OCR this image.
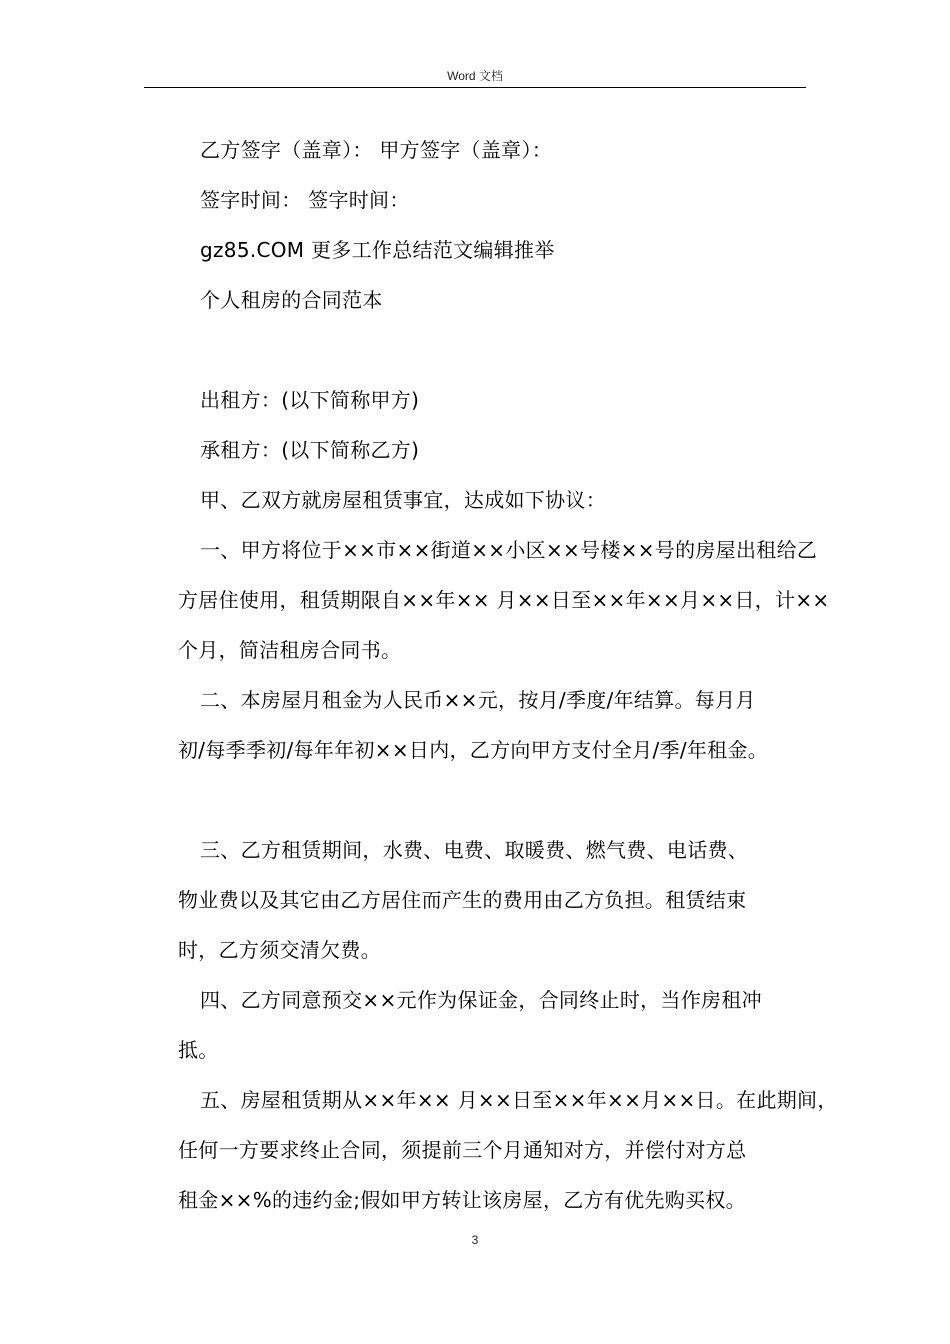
Word 文档
乙方签字（盖章）： 甲方签字（盖章）：
签字时间： 签字时间：
gz85.COM 更多工作总结范文编辑推举
个人租房的合同范本
出租方：(以下简称甲方)
承租方：(以下简称乙方)
甲、乙双方就房屋租赁事宜，达成如下协议：
一、甲方将位于××市××街道××小区××号楼××号的房屋出租给乙
方居住使用，租赁期限自××年×× 月××日至××年××月××日，计××
个月，简洁租房合同书。
二、本房屋月租金为人民币××元，按月/季度/年结算。每月月
初/每季季初/每年年初××日内，乙方向甲方支付全月/季/年租金。
三、乙方租赁期间，水费、电费、取暖费、燃气费、电话费、
物业费以及其它由乙方居住而产生的费用由乙方负担。租赁结束
时，乙方须交清欠费。
四、乙方同意预交××元作为保证金，合同终止时，当作房租冲
抵。
五、房屋租赁期从××年×× 月××日至××年××月××日。在此期间，
任何一方要求终止合同，须提前三个月通知对方，并偿付对方总
租金××%的违约金;假如甲方转让该房屋，乙方有优先购买权。
3
